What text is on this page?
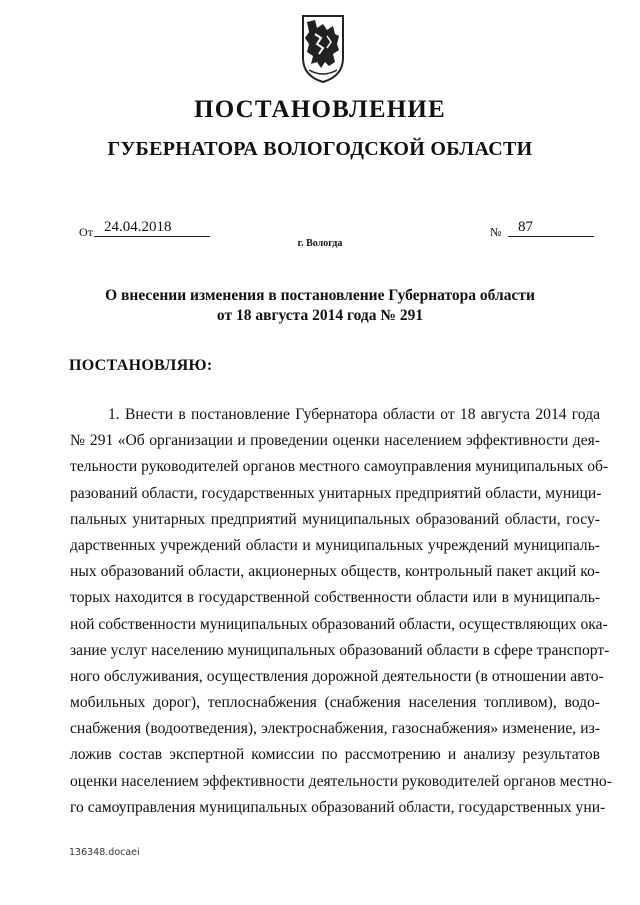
ПОСТАНОВЛЕНИЕ
ГУБЕРНАТОРА ВОЛОГОДСКОЙ ОБЛАСТИ
От 24.04.2018	№ 87
г. Вологда
О внесении изменения в постановление Губернатора области
от 18 августа 2014 года № 291
ПОСТАНОВЛЯЮ:
1. Внести в постановление Губернатора области от 18 августа 2014 года
№ 291 «Об организации и проведении оценки населением эффективности дея-
тельности руководителей органов местного самоуправления муниципальных об-
разований области, государственных унитарных предприятий области, муници-
пальных унитарных предприятий муниципальных образований области, госу-
дарственных учреждений области и муниципальных учреждений муниципаль-
ных образований области, акционерных обществ, контрольный пакет акций ко-
торых находится в государственной собственности области или в муниципаль-
ной собственности муниципальных образований области, осуществляющих ока-
зание услуг населению муниципальных образований области в сфере транспорт-
ного обслуживания, осуществления дорожной деятельности (в отношении авто-
мобильных дорог), теплоснабжения (снабжения населения топливом), водо-
снабжения (водоотведения), электроснабжения, газоснабжения» изменение, из-
ложив состав экспертной комиссии по рассмотрению и анализу результатов
оценки населением эффективности деятельности руководителей органов местно-
го самоуправления муниципальных образований области, государственных уни-
136348.docaei
